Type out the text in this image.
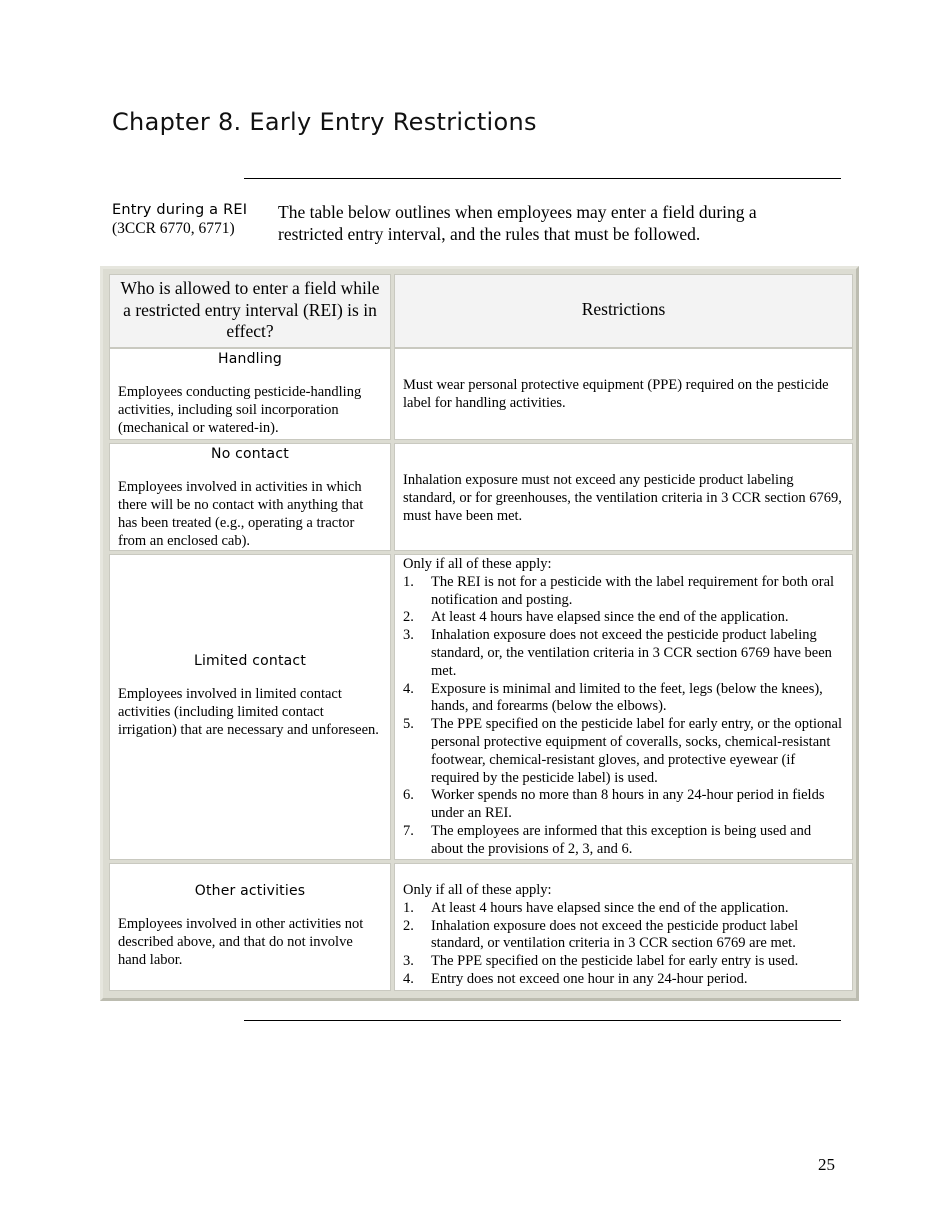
Chapter 8. Early Entry Restrictions
Entry during a REI
(3CCR 6770, 6771)

The table below outlines when employees may enter a field during a restricted entry interval, and the rules that must be followed.

Who is allowed to enter a field while a restricted entry interval (REI) is in effect?
Restrictions
Handling
Employees conducting pesticide-handling activities, including soil incorporation (mechanical or watered-in).
Must wear personal protective equipment (PPE) required on the pesticide label for handling activities.
No contact
Employees involved in activities in which there will be no contact with anything that has been treated (e.g., operating a tractor from an enclosed cab).
Inhalation exposure must not exceed any pesticide product labeling standard, or for greenhouses, the ventilation criteria in 3 CCR section 6769, must have been met.
Limited contact
Employees involved in limited contact activities (including limited contact irrigation) that are necessary and unforeseen.
Only if all of these apply:
1. The REI is not for a pesticide with the label requirement for both oral notification and posting.
2. At least 4 hours have elapsed since the end of the application.
3. Inhalation exposure does not exceed the pesticide product labeling standard, or, the ventilation criteria in 3 CCR section 6769 have been met.
4. Exposure is minimal and limited to the feet, legs (below the knees), hands, and forearms (below the elbows).
5. The PPE specified on the pesticide label for early entry, or the optional personal protective equipment of coveralls, socks, chemical-resistant footwear, chemical-resistant gloves, and protective eyewear (if required by the pesticide label) is used.
6. Worker spends no more than 8 hours in any 24-hour period in fields under an REI.
7. The employees are informed that this exception is being used and about the provisions of 2, 3, and 6.
Other activities
Employees involved in other activities not described above, and that do not involve hand labor.
Only if all of these apply:
1. At least 4 hours have elapsed since the end of the application.
2. Inhalation exposure does not exceed the pesticide product label standard, or ventilation criteria in 3 CCR section 6769 are met.
3. The PPE specified on the pesticide label for early entry is used.
4. Entry does not exceed one hour in any 24-hour period.
25
